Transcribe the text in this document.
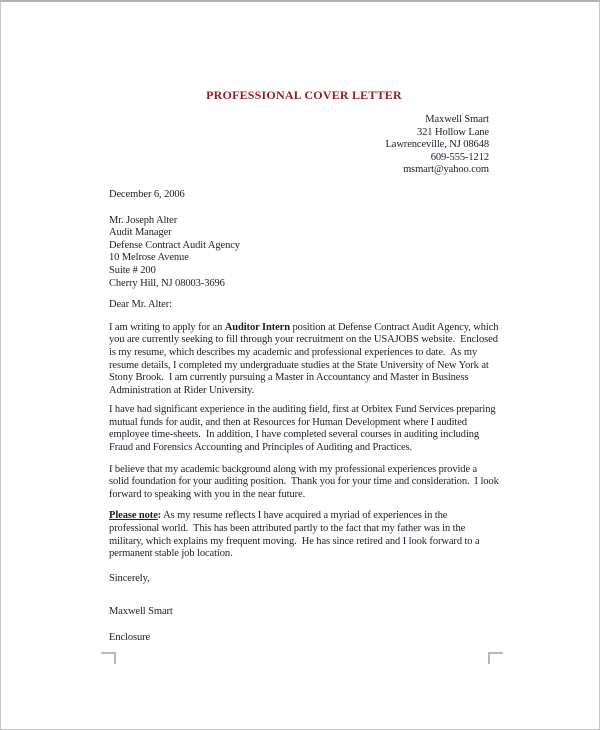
PROFESSIONAL COVER LETTER
Maxwell Smart
321 Hollow Lane
Lawrenceville, NJ 08648
609-555-1212
msmart@yahoo.com
December 6, 2006
Mr. Joseph Alter
Audit Manager
Defense Contract Audit Agency
10 Melrose Avenue
Suite # 200
Cherry Hill, NJ 08003-3696
Dear Mr. Alter:

I am writing to apply for an Auditor Intern position at Defense Contract Audit Agency, which you are currently seeking to fill through your recruitment on the USAJOBS website.  Enclosed is my resume, which describes my academic and professional experiences to date.  As my resume details, I completed my undergraduate studies at the State University of New York at Stony Brook.  I am currently pursuing a Master in Accountancy and Master in Business Administration at Rider University.

I have had significant experience in the auditing field, first at Orbitex Fund Services preparing mutual funds for audit, and then at Resources for Human Development where I audited employee time-sheets.  In addition, I have completed several courses in auditing including Fraud and Forensics Accounting and Principles of Auditing and Practices.

I believe that my academic background along with my professional experiences provide a solid foundation for your auditing position.  Thank you for your time and consideration.  I look forward to speaking with you in the near future.

Please note: As my resume reflects I have acquired a myriad of experiences in the professional world.  This has been attributed partly to the fact that my father was in the military, which explains my frequent moving.  He has since retired and I look forward to a permanent stable job location.

Sincerely,
Maxwell Smart
Enclosure
